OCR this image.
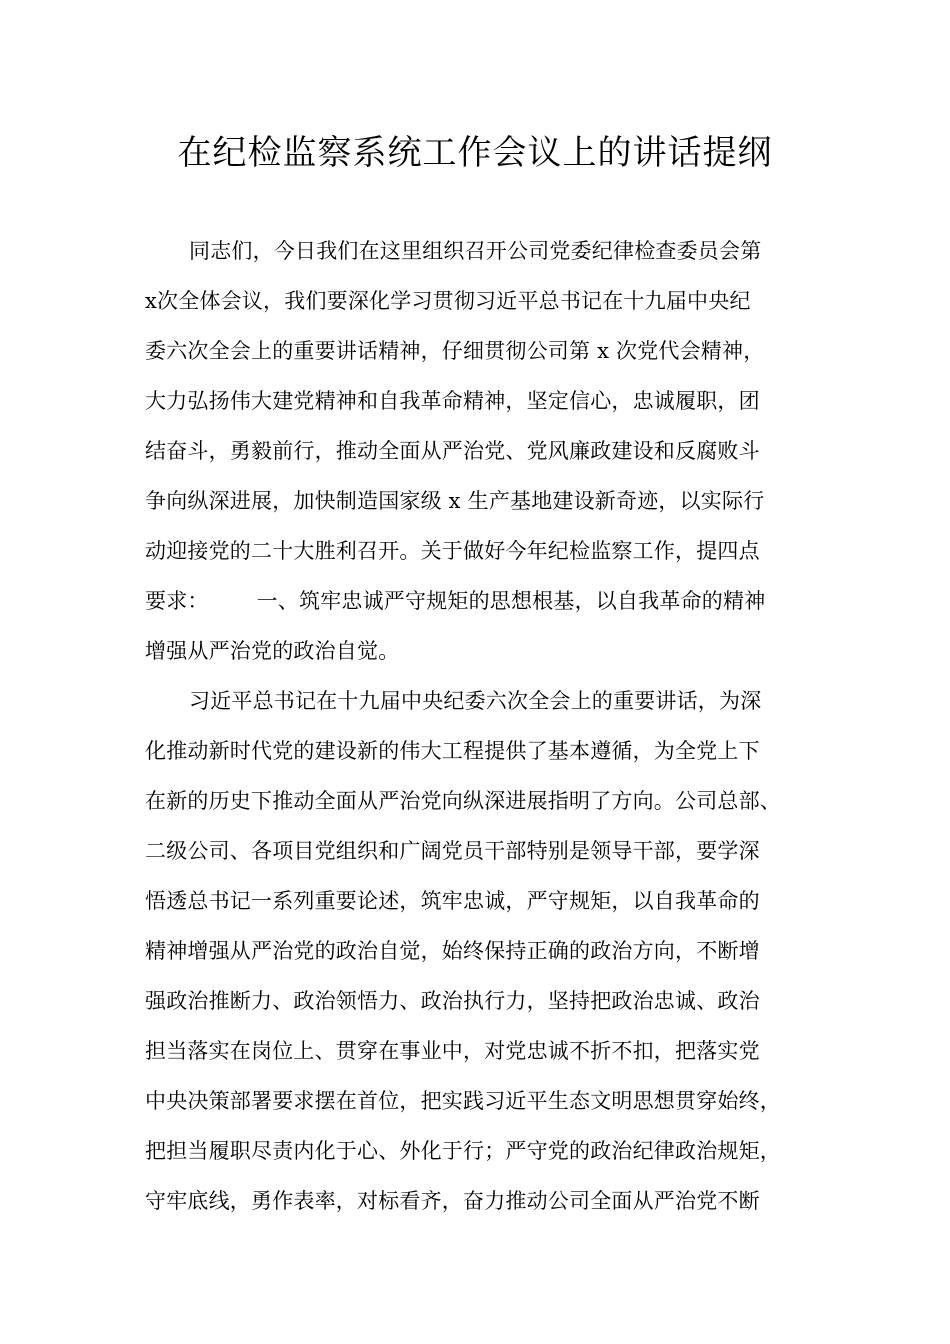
在纪检监察系统工作会议上的讲话提纲
同志们，今日我们在这里组织召开公司党委纪律检查委员会第
x次全体会议，我们要深化学习贯彻习近平总书记在十九届中央纪
委六次全会上的重要讲话精神，仔细贯彻公司第 x 次党代会精神，
大力弘扬伟大建党精神和自我革命精神，坚定信心，忠诚履职，团
结奋斗，勇毅前行，推动全面从严治党、党风廉政建设和反腐败斗
争向纵深进展，加快制造国家级 x 生产基地建设新奇迹，以实际行
动迎接党的二十大胜利召开。关于做好今年纪检监察工作，提四点
要求： 一、筑牢忠诚严守规矩的思想根基，以自我革命的精神
增强从严治党的政治自觉。
习近平总书记在十九届中央纪委六次全会上的重要讲话，为深
化推动新时代党的建设新的伟大工程提供了基本遵循，为全党上下
在新的历史下推动全面从严治党向纵深进展指明了方向。公司总部、
二级公司、各项目党组织和广阔党员干部特别是领导干部，要学深
悟透总书记一系列重要论述，筑牢忠诚，严守规矩，以自我革命的
精神增强从严治党的政治自觉，始终保持正确的政治方向，不断增
强政治推断力、政治领悟力、政治执行力，坚持把政治忠诚、政治
担当落实在岗位上、贯穿在事业中，对党忠诚不折不扣，把落实党
中央决策部署要求摆在首位，把实践习近平生态文明思想贯穿始终，
把担当履职尽责内化于心、外化于行；严守党的政治纪律政治规矩，
守牢底线，勇作表率，对标看齐，奋力推动公司全面从严治党不断
